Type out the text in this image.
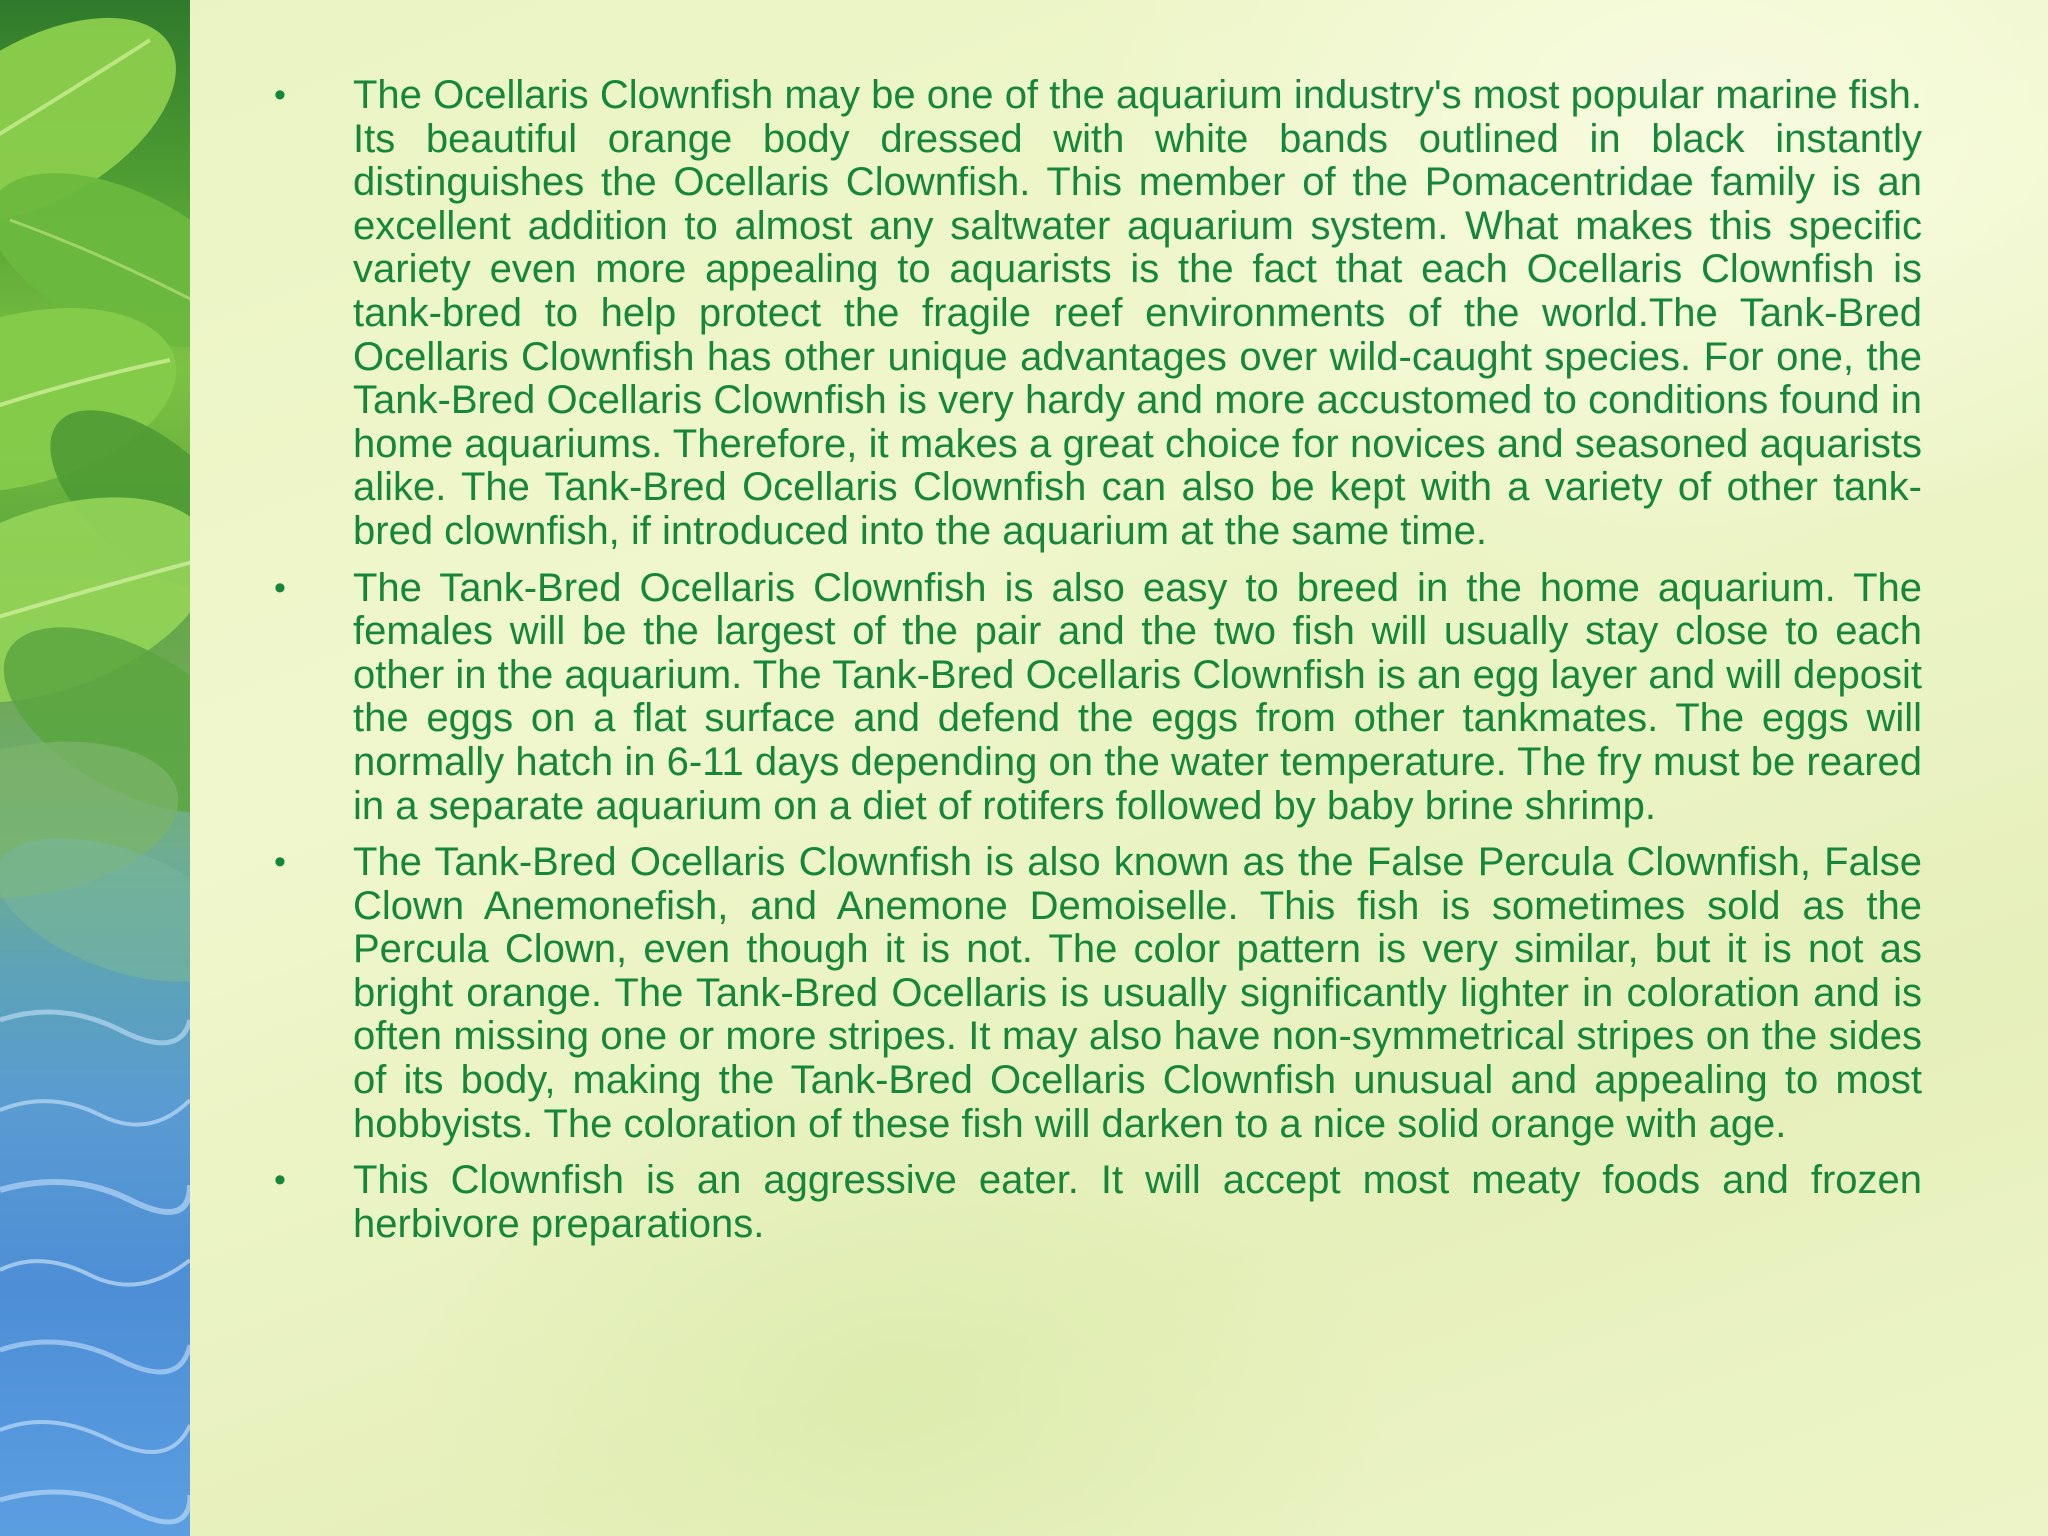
• The Ocellaris Clownfish may be one of the aquarium industry's most popular marine fish. Its beautiful orange body dressed with white bands outlined in black instantly distinguishes the Ocellaris Clownfish. This member of the Pomacentridae family is an excellent addition to almost any saltwater aquarium system. What makes this specific variety even more appealing to aquarists is the fact that each Ocellaris Clownfish is tank-bred to help protect the fragile reef environments of the world.The Tank-Bred Ocellaris Clownfish has other unique advantages over wild-caught species. For one, the Tank-Bred Ocellaris Clownfish is very hardy and more accustomed to conditions found in home aquariums. Therefore, it makes a great choice for novices and seasoned aquarists alike. The Tank-Bred Ocellaris Clownfish can also be kept with a variety of other tank-bred clownfish, if introduced into the aquarium at the same time.
• The Tank-Bred Ocellaris Clownfish is also easy to breed in the home aquarium. The females will be the largest of the pair and the two fish will usually stay close to each other in the aquarium. The Tank-Bred Ocellaris Clownfish is an egg layer and will deposit the eggs on a flat surface and defend the eggs from other tankmates. The eggs will normally hatch in 6-11 days depending on the water temperature. The fry must be reared in a separate aquarium on a diet of rotifers followed by baby brine shrimp.
• The Tank-Bred Ocellaris Clownfish is also known as the False Percula Clownfish, False Clown Anemonefish, and Anemone Demoiselle. This fish is sometimes sold as the Percula Clown, even though it is not. The color pattern is very similar, but it is not as bright orange. The Tank-Bred Ocellaris is usually significantly lighter in coloration and is often missing one or more stripes. It may also have non-symmetrical stripes on the sides of its body, making the Tank-Bred Ocellaris Clownfish unusual and appealing to most hobbyists. The coloration of these fish will darken to a nice solid orange with age.
• This Clownfish is an aggressive eater. It will accept most meaty foods and frozen herbivore preparations.
